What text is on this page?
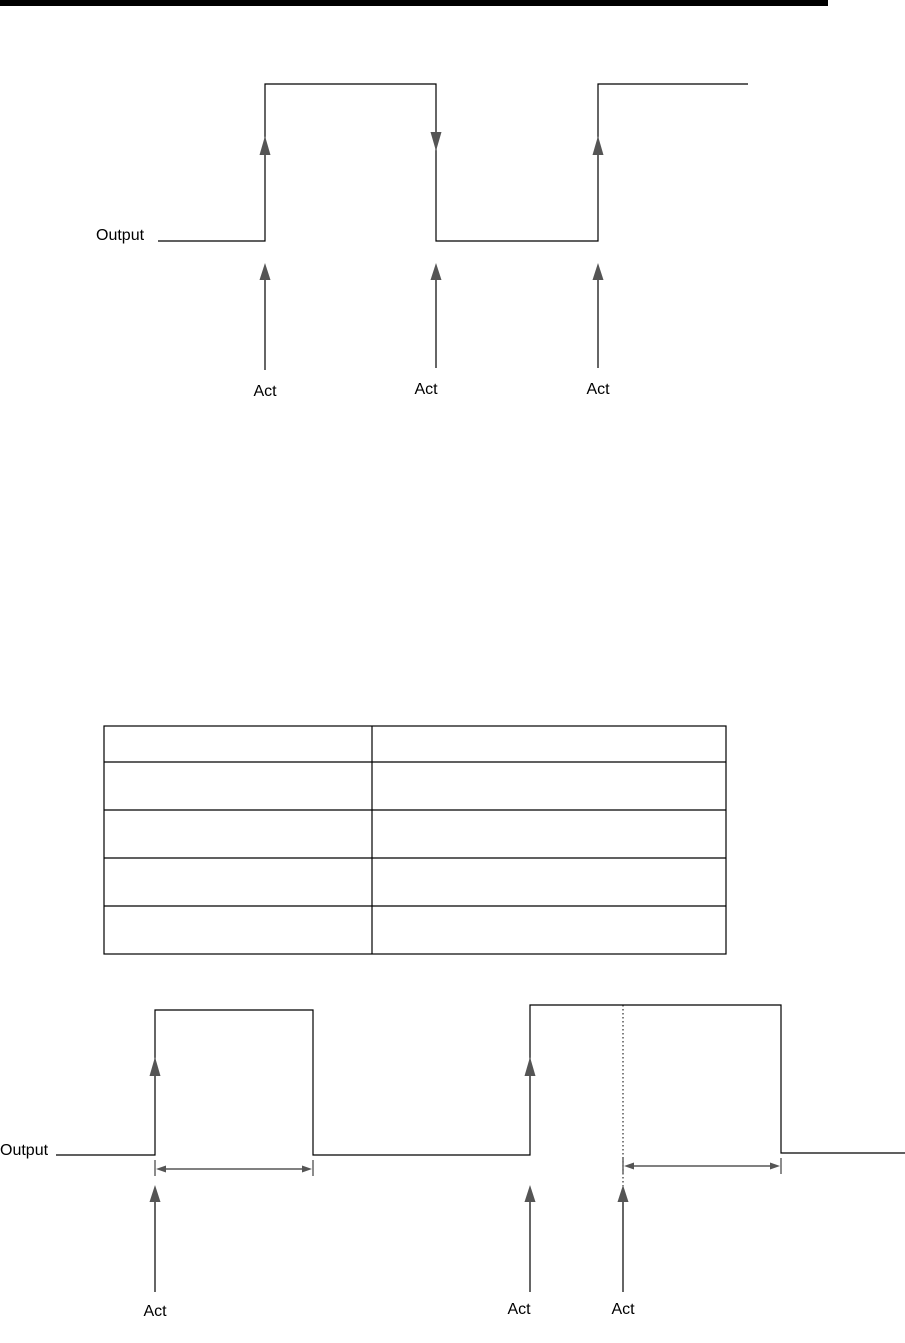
Output
Act	Act	Act
Output
Act	Act	Act
